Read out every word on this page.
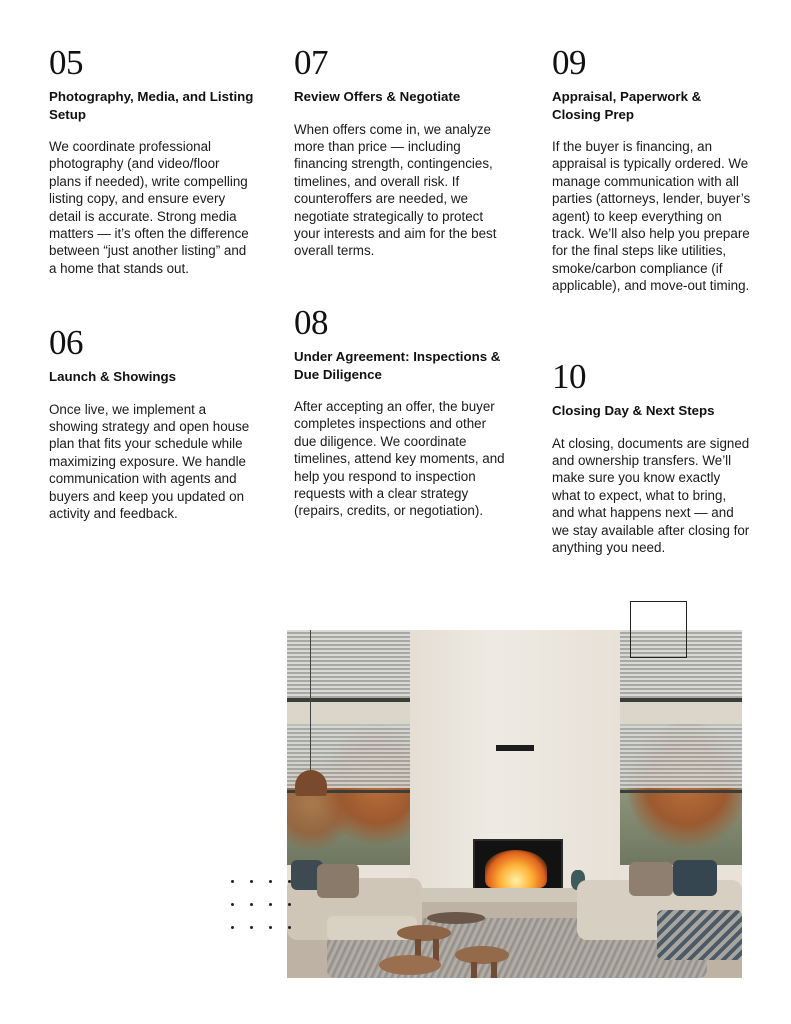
05
Photography, Media, and Listing Setup
We coordinate professional photography (and video/floor plans if needed), write compelling listing copy, and ensure every detail is accurate. Strong media matters — it’s often the difference between “just another listing” and a home that stands out.
06
Launch & Showings
Once live, we implement a showing strategy and open house plan that fits your schedule while maximizing exposure. We handle communication with agents and buyers and keep you updated on activity and feedback.
07
Review Offers & Negotiate
When offers come in, we analyze more than price — including financing strength, contingencies, timelines, and overall risk. If counteroffers are needed, we negotiate strategically to protect your interests and aim for the best overall terms.
08
Under Agreement: Inspections & Due Diligence
After accepting an offer, the buyer completes inspections and other due diligence. We coordinate timelines, attend key moments, and help you respond to inspection requests with a clear strategy (repairs, credits, or negotiation).
09
Appraisal, Paperwork & Closing Prep
If the buyer is financing, an appraisal is typically ordered. We manage communication with all parties (attorneys, lender, buyer’s agent) to keep everything on track. We’ll also help you prepare for the final steps like utilities, smoke/carbon compliance (if applicable), and move-out timing.
10
Closing Day & Next Steps
At closing, documents are signed and ownership transfers. We’ll make sure you know exactly what to expect, what to bring, and what happens next — and we stay available after closing for anything you need.
